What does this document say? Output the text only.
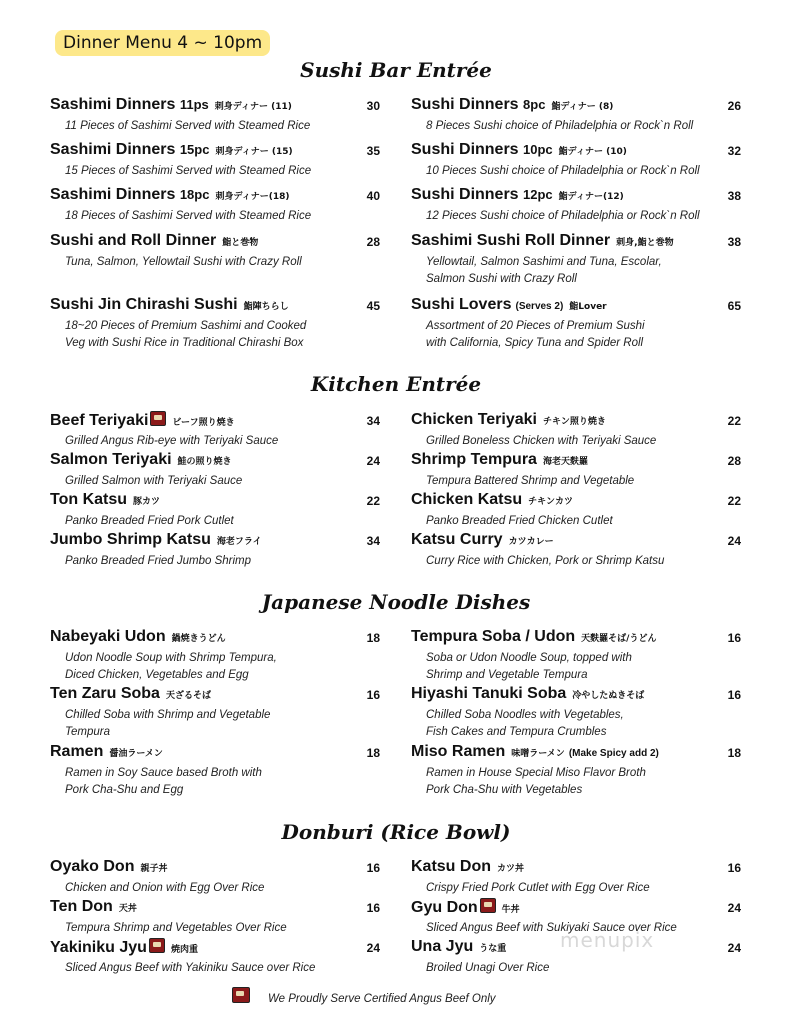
Dinner Menu 4 ~ 10pm
Sushi Bar Entrée
Sashimi Dinners 11ps 刺身ディナー (11)	30
11 Pieces of Sashimi Served with Steamed Rice
Sashimi Dinners 15pc 刺身ディナー (15)	35
15 Pieces of Sashimi Served with Steamed Rice
Sashimi Dinners 18pc 刺身ディナー(18)	40
18 Pieces of Sashimi Served with Steamed Rice
Sushi and Roll Dinner 鮨と巻物	28
Tuna, Salmon, Yellowtail Sushi with Crazy Roll
Sushi Jin Chirashi Sushi 鮨陣ちらし	45
18~20 Pieces of Premium Sashimi and Cooked
Veg with Sushi Rice in Traditional Chirashi Box
Sushi Dinners 8pc 鮨ディナー (8)	26
8 Pieces Sushi choice of Philadelphia or Rock`n Roll
Sushi Dinners 10pc 鮨ディナー (10)	32
10 Pieces Sushi choice of Philadelphia or Rock`n Roll
Sushi Dinners 12pc 鮨ディナー(12)	38
12 Pieces Sushi choice of Philadelphia or Rock`n Roll
Sashimi Sushi Roll Dinner 刺身,鮨と巻物	38
Yellowtail, Salmon Sashimi and Tuna, Escolar,
Salmon Sushi with Crazy Roll
Sushi Lovers (Serves 2) 鮨Lover	65
Assortment of 20 Pieces of Premium Sushi
with California, Spicy Tuna and Spider Roll
Kitchen Entrée
Beef Teriyaki	ビーフ照り焼き	34
Grilled Angus Rib-eye with Teriyaki Sauce
Salmon Teriyaki 鮭の照り焼き	24
Grilled Salmon with Teriyaki Sauce
Ton Katsu 豚カツ	22
Panko Breaded Fried Pork Cutlet
Jumbo Shrimp Katsu 海老フライ	34
Panko Breaded Fried Jumbo Shrimp
Chicken Teriyaki チキン照り焼き	22
Grilled Boneless Chicken with Teriyaki Sauce
Shrimp Tempura 海老天麩羅	28
Tempura Battered Shrimp and Vegetable
Chicken Katsu チキンカツ	22
Panko Breaded Fried Chicken Cutlet
Katsu Curry カツカレー	24
Curry Rice with Chicken, Pork or Shrimp Katsu
Japanese Noodle Dishes
Nabeyaki Udon 鍋焼きうどん	18
Udon Noodle Soup with Shrimp Tempura,
Diced Chicken, Vegetables and Egg
Ten Zaru Soba 天ざるそば	16
Chilled Soba with Shrimp and Vegetable
Tempura
Ramen 醤油ラーメン	18
Ramen in Soy Sauce based Broth with
Pork Cha-Shu and Egg
Tempura Soba / Udon 天麩羅そば/うどん	16
Soba or Udon Noodle Soup, topped with
Shrimp and Vegetable Tempura
Hiyashi Tanuki Soba 冷やしたぬきそば	16
Chilled Soba Noodles with Vegetables,
Fish Cakes and Tempura Crumbles
Miso Ramen 味噌ラーメン (Make Spicy add 2)	18
Ramen in House Special Miso Flavor Broth
Pork Cha-Shu with Vegetables
Donburi (Rice Bowl)
Oyako Don 親子丼	16
Chicken and Onion with Egg Over Rice
Ten Don 天丼	16
Tempura Shrimp and Vegetables Over Rice
Yakiniku Jyu	焼肉重	24
Sliced Angus Beef with Yakiniku Sauce over Rice
Katsu Don カツ丼	16
Crispy Fried Pork Cutlet with Egg Over Rice
Gyu Don	牛丼	24
Sliced Angus Beef with Sukiyaki Sauce over Rice
Una Jyu うな重	24
Broiled Unagi Over Rice
We Proudly Serve Certified Angus Beef Only
menupix
